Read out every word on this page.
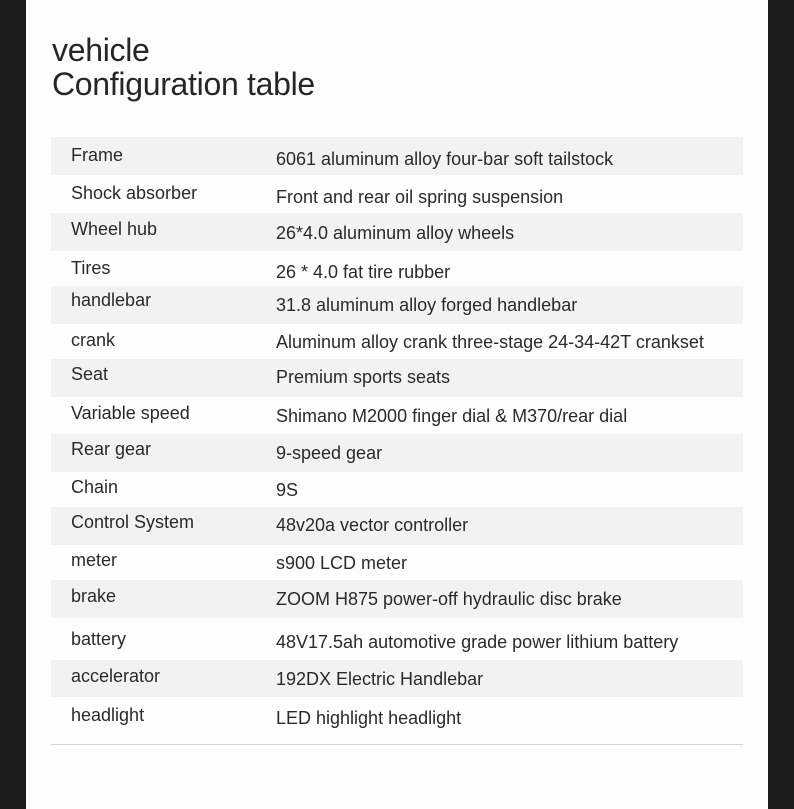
vehicle
Configuration table
Frame	6061 aluminum alloy four-bar soft tailstock
Shock absorber	Front and rear oil spring suspension
Wheel hub	26*4.0 aluminum alloy wheels
Tires	26 * 4.0 fat tire rubber
handlebar	31.8 aluminum alloy forged handlebar
crank	Aluminum alloy crank three-stage 24-34-42T crankset
Seat	Premium sports seats
Variable speed	Shimano M2000 finger dial & M370/rear dial
Rear gear	9-speed gear
Chain	9S
Control System	48v20a vector controller
meter	s900 LCD meter
brake	ZOOM H875 power-off hydraulic disc brake
battery	48V17.5ah automotive grade power lithium battery
accelerator	192DX Electric Handlebar
headlight	LED highlight headlight
